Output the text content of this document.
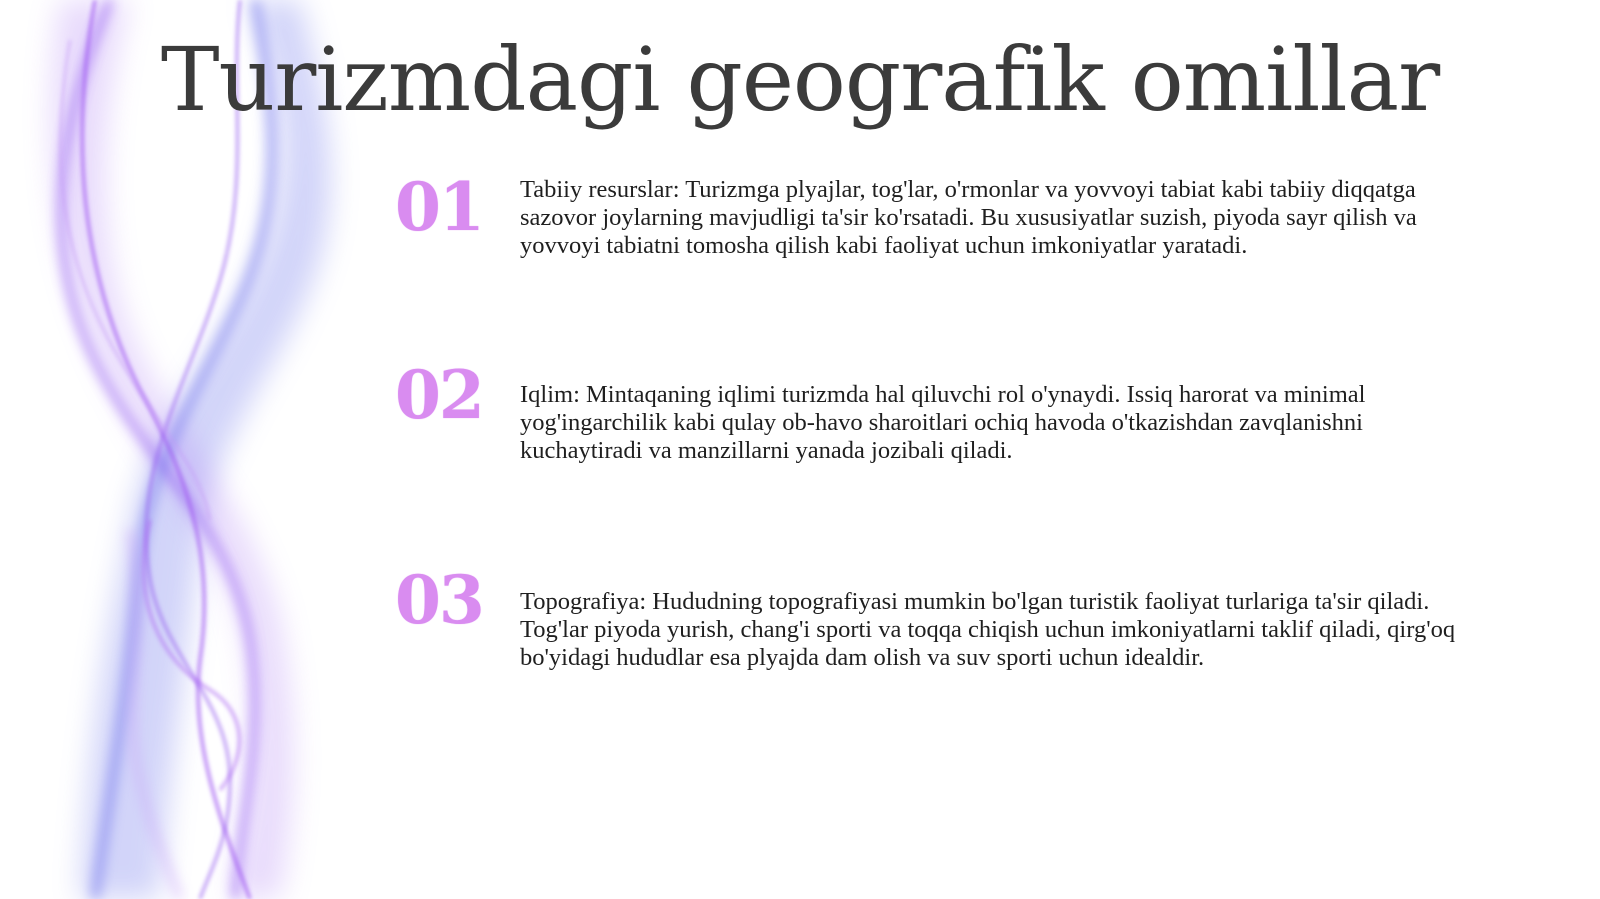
Turizmdagi geografik omillar
01 Tabiiy resurslar: Turizmga plyajlar, tog'lar, o'rmonlar va yovvoyi tabiat kabi tabiiy diqqatga sazovor joylarning mavjudligi ta'sir ko'rsatadi. Bu xususiyatlar suzish, piyoda sayr qilish va yovvoyi tabiatni tomosha qilish kabi faoliyat uchun imkoniyatlar yaratadi.

02 Iqlim: Mintaqaning iqlimi turizmda hal qiluvchi rol o'ynaydi. Issiq harorat va minimal yog'ingarchilik kabi qulay ob-havo sharoitlari ochiq havoda o'tkazishdan zavqlanishni kuchaytiradi va manzillarni yanada jozibali qiladi.

03 Topografiya: Hududning topografiyasi mumkin bo'lgan turistik faoliyat turlariga ta'sir qiladi. Tog'lar piyoda yurish, chang'i sporti va toqqa chiqish uchun imkoniyatlarni taklif qiladi, qirg'oq bo'yidagi hududlar esa plyajda dam olish va suv sporti uchun idealdir.
